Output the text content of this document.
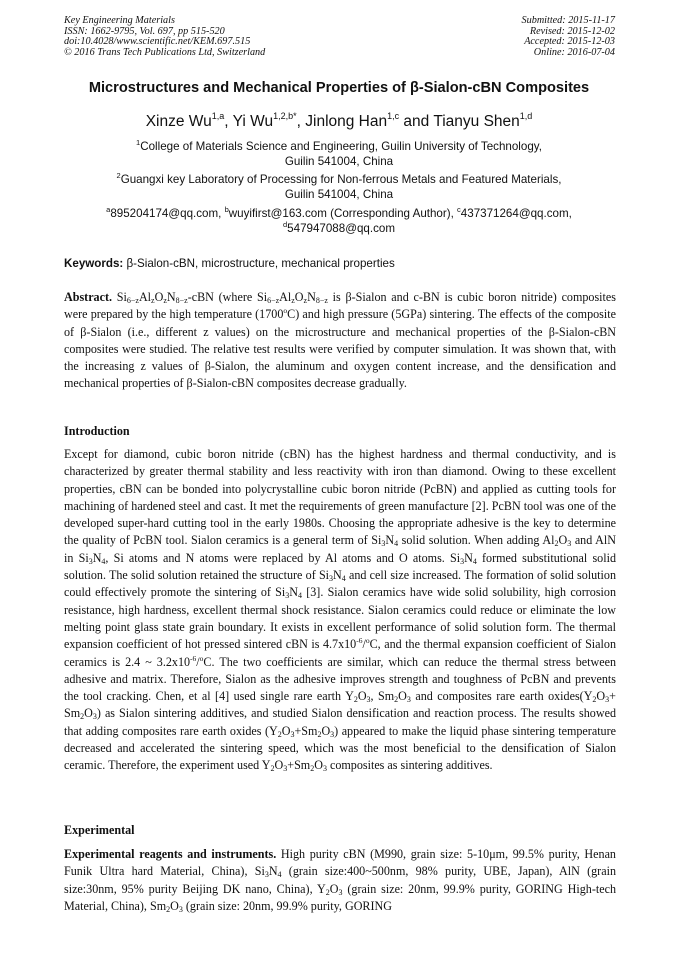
Key Engineering Materials
ISSN: 1662-9795, Vol. 697, pp 515-520
doi:10.4028/www.scientific.net/KEM.697.515
© 2016 Trans Tech Publications Ltd, Switzerland
Submitted: 2015-11-17
Revised: 2015-12-02
Accepted: 2015-12-03
Online: 2016-07-04
Microstructures and Mechanical Properties of β-Sialon-cBN Composites
Xinze Wu$^{1,a}$, Yi $Wu^{1,2,b*}$, Jinlong Han$^{1,c}$ and Tianyu Shen$^{1,d}$
$^1$College of Materials Science and Engineering, Guilin University of Technology,
Guilin 541004, China
$^2$Guangxi key Laboratory of Processing for Non-ferrous Metals and Featured Materials,
Guilin 541004, China
$^a$895204174@qq.com, $^b$wuyifirst@163.com (Corresponding Author), $^c$437371264@qq.com,
$^d$547947088@qq.com
Keywords: β-Sialon-cBN, microstructure, mechanical properties
Abstract. $Si_{6-z}Al_zO_zN_{8-z}$-cBN (where $Si_{6-z}Al_zO_zN_{8-z}$ is β-Sialon and c-BN is cubic boron nitride) composites were prepared by the high temperature (1700$^o$C) and high pressure (5GPa) sintering. The effects of the composite of β-Sialon (i.e., different z values) on the microstructure and mechanical properties of the β-Sialon-cBN composites were studied. The relative test results were verified by computer simulation. It was shown that, with the increasing z values of β-Sialon, the aluminum and oxygen content increase, and the densification and mechanical properties of β-Sialon-cBN composites decrease gradually.
Introduction
Except for diamond, cubic boron nitride (cBN) has the highest hardness and thermal conductivity, and is characterized by greater thermal stability and less reactivity with iron than diamond. Owing to these excellent properties, cBN can be bonded into polycrystalline cubic boron nitride (PcBN) and applied as cutting tools for machining of hardened steel and cast. It met the requirements of green manufacture [2]. PcBN tool was one of the developed super-hard cutting tool in the early 1980s. Choosing the appropriate adhesive is the key to determine the quality of PcBN tool. Sialon ceramics is a general term of $Si_3N_4$ solid solution. When adding $Al_2O_3$ and AlN in $Si_3N_4$, Si atoms and N atoms were replaced by Al atoms and O atoms. $Si_3N_4$ formed substitutional solid solution. The solid solution retained the structure of $Si_3N_4$ and cell size increased. The formation of solid solution could effectively promote the sintering of $Si_3N_4$ [3]. Sialon ceramics have wide solid solubility, high corrosion resistance, high hardness, excellent thermal shock resistance. Sialon ceramics could reduce or eliminate the low melting point glass state grain boundary. It exists in excellent performance of solid solution form. The thermal expansion coefficient of hot pressed sintered cBN is $4.7x10^{-6}/^oC$, and the thermal expansion coefficient of Sialon ceramics is 2.4 ~ $3.2x10^{-6}/^oC$. The two coefficients are similar, which can reduce the thermal stress between adhesive and matrix. Therefore, Sialon as the adhesive improves strength and toughness of PcBN and prevents the tool cracking. Chen, et al [4] used single rare earth $Y_2O_3$, $Sm_2O_3$ and composites rare earth $oxides(Y_2O_3+ Sm_2O_3)$ as Sialon sintering additives, and studied Sialon densification and reaction process. The results showed that adding composites rare earth oxides $(Y_2O_3+Sm_2O_3)$ appeared to make the liquid phase sintering temperature decreased and accelerated the sintering speed, which was the most beneficial to the densification of Sialon ceramic. Therefore, the experiment used $Y_2O_3+Sm_2O_3$ composites as sintering additives.
Experimental
Experimental reagents and instruments. High purity cBN (M990, grain size: 5-10μm, 99.5% purity, Henan Funik Ultra hard Material, China), $Si_3N_4$ (grain size:400~500nm, 98% purity, UBE, Japan), AlN (grain size:30nm, 95% purity Beijing DK nano, China), $Y_2O_3$ (grain size: 20nm, 99.9% purity, GORING High-tech Material, China), $Sm_2O_3$ (grain size: 20nm, 99.9% purity, GORING
